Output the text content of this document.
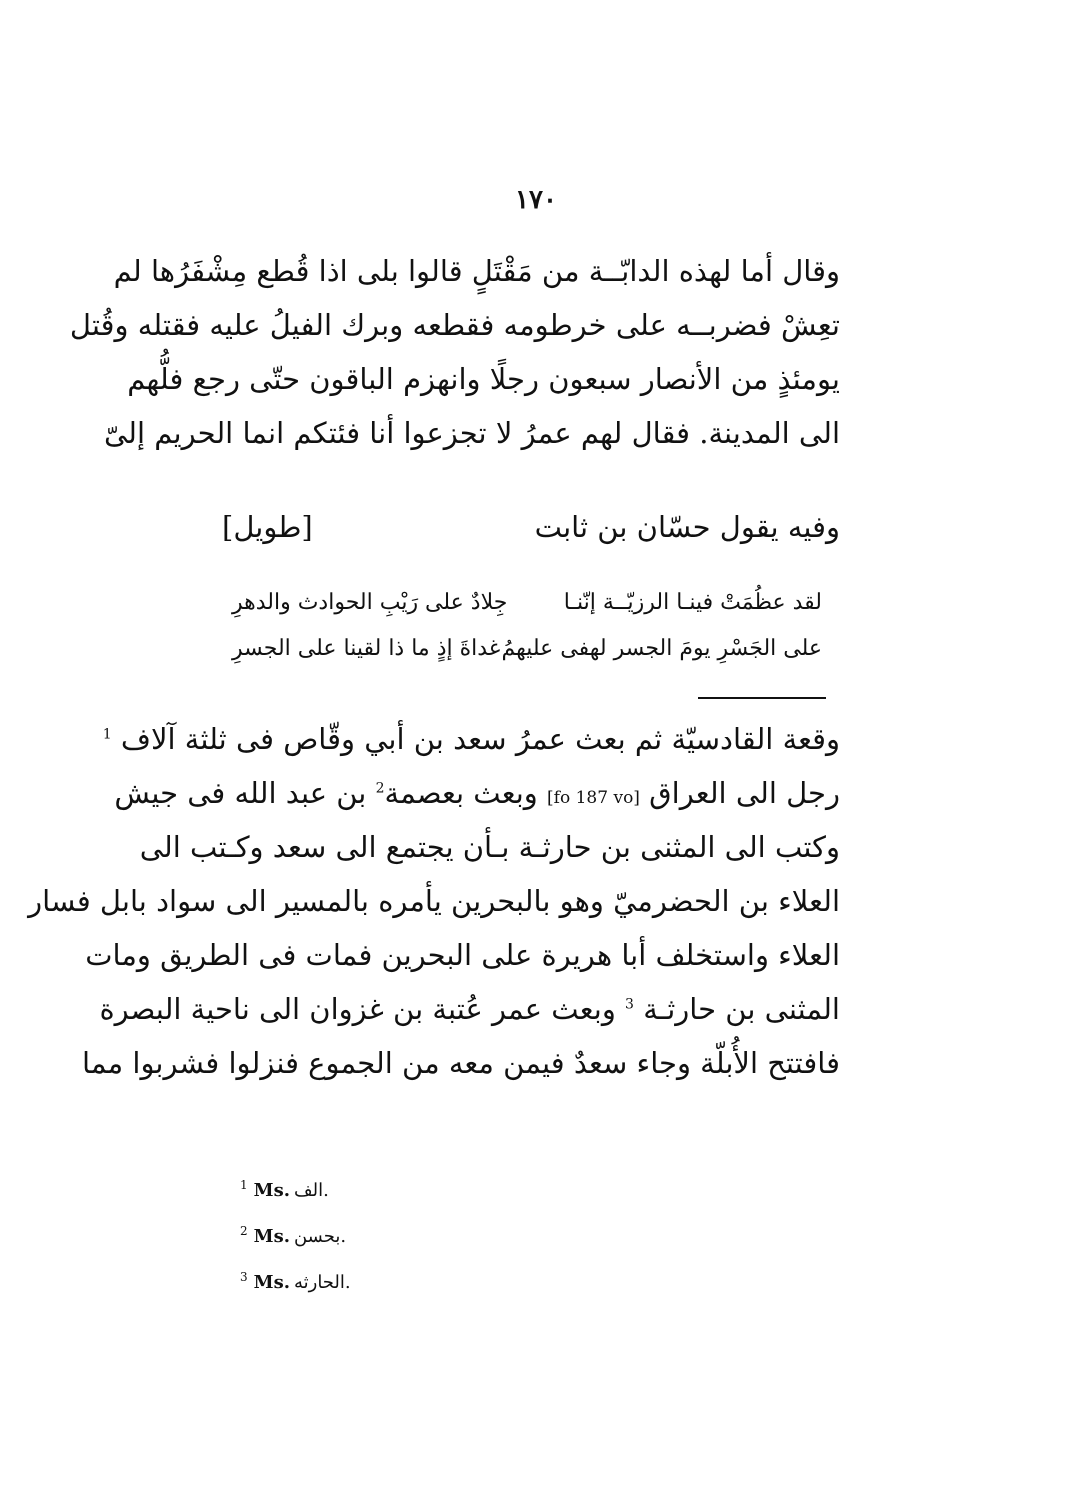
١٧٠
وقال أما لهذه الدابّــة من مَقْتَلٍ قالوا بلى اذا قُطع مِشْفَرُها لم
تعِشْ فضربــه على خرطومه فقطعه وبرك الفيلُ عليه فقتله وقُتل
يومئذٍ من الأنصار سبعون رجلًا وانهزم الباقون حتّى رجع فلُّهم
الى المدينة. فقال لهم عمرُ لا تجزعوا أنا فئتكم انما الحريم إلىّ
وفيه يقول حسّان بن ثابت
[طويل]
لقد عظُمَتْ فينـا الرزيّــة إنّنـا
جِلادٌ على رَيْبِ الحوادث والدهرِ
على الجَسْرِ يومَ الجسر لهفى عليهمُ
غداةَ إذٍ ما ذا لقينا على الجسرِ
وقعة القادسيّة ثم بعث عمرُ سعد بن أبي وقّاص فى ثلثة آلاف $^1$
رجل الى العراق [fo 187 vo] وبعث بعصمة$^2$ بن عبد الله فى جيش
وكتب الى المثنى بن حارثـة بـأن يجتمع الى سعد وكـتب الى
العلاء بن الحضرميّ وهو بالبحرين يأمره بالمسير الى سواد بابل فسار
العلاء واستخلف أبا هريرة على البحرين فمات فى الطريق ومات
المثنى بن حارثـة $^3$ وبعث عمر عُتبة بن غزوان الى ناحية البصرة
فافتتح الأُبلّة وجاء سعدٌ فيمن معه من الجموع فنزلوا فشربوا مما
$^1$ Ms. الف.
$^2$ Ms. بحسن.
$^3$ Ms. الحارثه.
